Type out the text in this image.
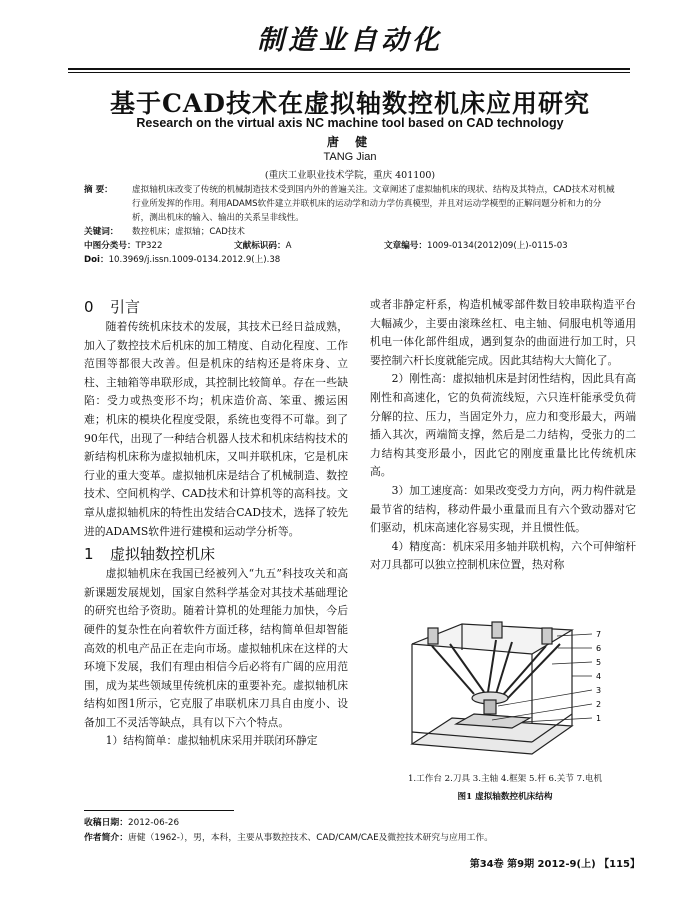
制造业自动化
基于CAD技术在虚拟轴数控机床应用研究
Research on the virtual axis NC machine tool based on CAD technology
唐 健
TANG Jian
(重庆工业职业技术学院，重庆 401100)
摘 要： 虚拟轴机床改变了传统的机械制造技术受到国内外的普遍关注。文章阐述了虚拟轴机床的现状、结构及其特点，CAD技术对机械行业所发挥的作用。利用ADAMS软件建立并联机床的运动学和动力学仿真模型，并且对运动学模型的正解问题分析和力的分析，测出机床的输入、输出的关系呈非线性。
关键词： 数控机床；虚拟轴；CAD技术
中图分类号： TP322	文献标识码： A	文章编号： 1009-0134(2012)09(上)-0115-03
Doi： 10.3969/j.issn.1009-0134.2012.9(上).38
0 引言

随着传统机床技术的发展，其技术已经日益成熟，加入了数控技术后机床的加工精度、自动化程度、工作范围等都很大改善。但是机床的结构还是将床身、立柱、主轴箱等串联形成，其控制比较简单。存在一些缺陷：受力或热变形不均；机床造价高、笨重、搬运困难；机床的模块化程度受限，系统也变得不可靠。到了90年代，出现了一种结合机器人技术和机床结构技术的新结构机床称为虚拟轴机床，又叫并联机床，它是机床行业的重大变革。虚拟轴机床是结合了机械制造、数控技术、空间机构学、CAD技术和计算机等的高科技。文章从虚拟轴机床的特性出发结合CAD技术，选择了较先进的ADAMS软件进行建模和运动学分析等。

1 虚拟轴数控机床

虚拟轴机床在我国已经被列入“九五”科技攻关和高新课题发展规划，国家自然科学基金对其技术基础理论的研究也给予资助。随着计算机的处理能力加快，今后硬件的复杂性在向着软件方面迁移，结构简单但却智能高效的机电产品正在走向市场。虚拟轴机床在这样的大环境下发展，我们有理由相信今后必将有广阔的应用范围，成为某些领域里传统机床的重要补充。虚拟轴机床结构如图1所示，它克服了串联机床刀具自由度小、设备加工不灵活等缺点，具有以下六个特点。

1）结构简单：虚拟轴机床采用并联闭环静定

或者非静定杆系，构造机械零部件数目较串联构造平台大幅减少，主要由滚珠丝杠、电主轴、伺服电机等通用机电一体化部件组成，遇到复杂的曲面进行加工时，只要控制六杆长度就能完成。因此其结构大大简化了。

2）刚性高：虚拟轴机床是封闭性结构，因此具有高刚性和高速化，它的负荷流线短，六只连杆能承受负荷分解的拉、压力，当固定外力，应力和变形最大，两端插入其次，两端简支撑，然后是二力结构，受张力的二力结构其变形最小，因此它的刚度重量比比传统机床高。

3）加工速度高：如果改变受力方向，两力构件就是最节省的结构，移动件最小重量而且有六个致动器对它们驱动，机床高速化容易实现，并且惯性低。

4）精度高：机床采用多轴并联机构，六个可伸缩杆对刀具都可以独立控制机床位置，热对称

7
6
5
4
3
2
1
1.工作台 2.刀具 3.主轴 4.框架 5.杆 6.关节 7.电机
图1 虚拟轴数控机床结构
收稿日期：2012-06-26
作者简介：唐健（1962-），男，本科，主要从事数控技术、CAD/CAM/CAE及微控技术研究与应用工作。
第34卷 第9期 2012-9(上) 【115】
